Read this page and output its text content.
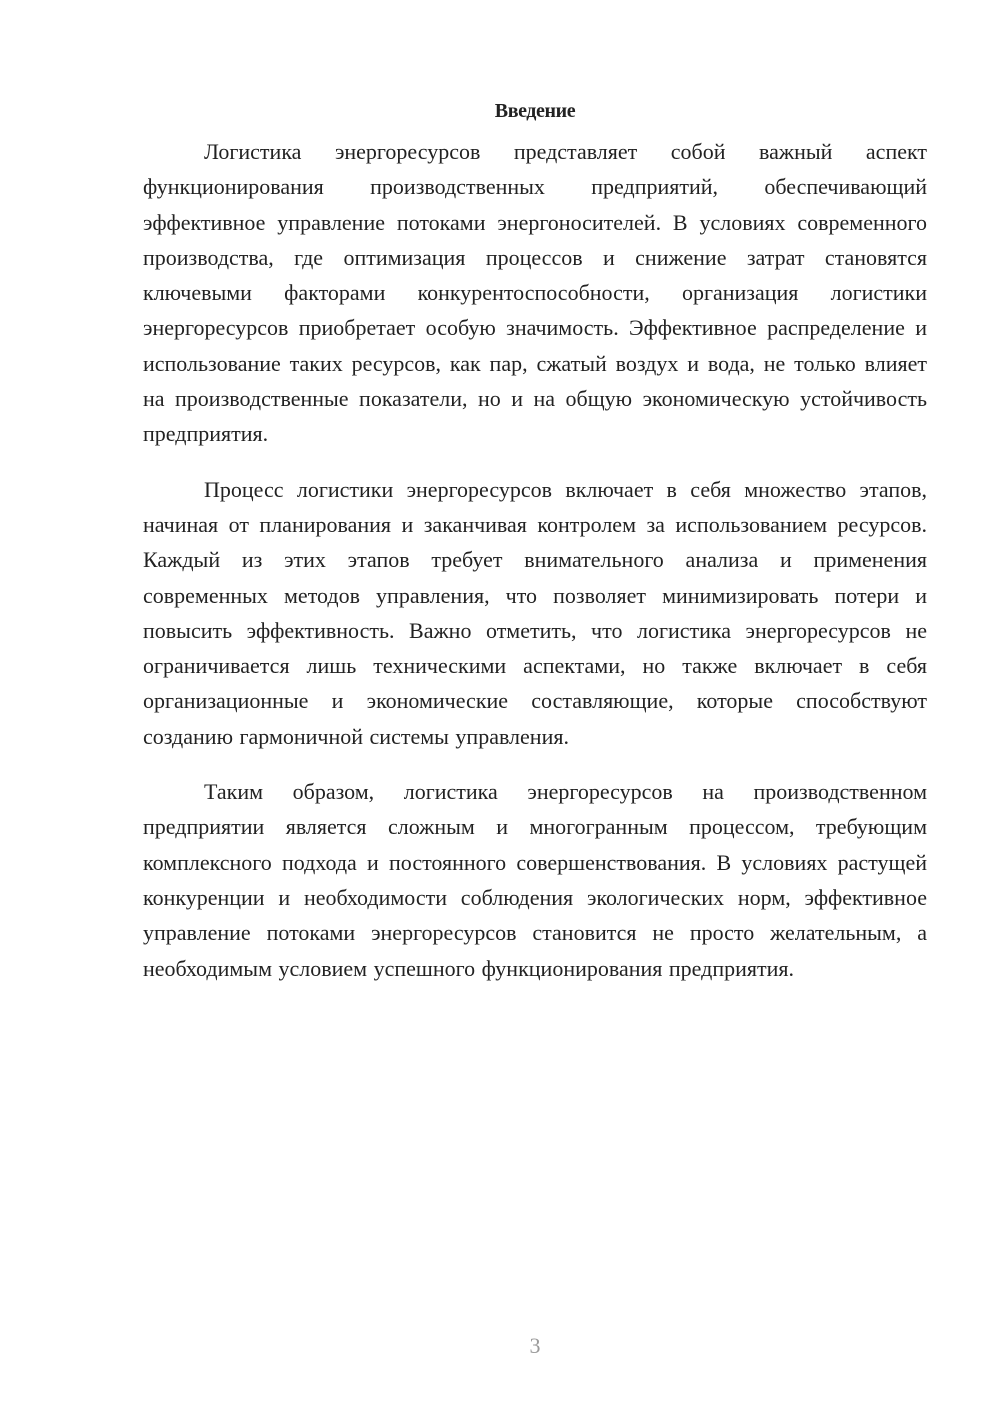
Введение

Логистика энергоресурсов представляет собой важный аспект функционирования производственных предприятий, обеспечивающий эффективное управление потоками энергоносителей. В условиях современного производства, где оптимизация процессов и снижение затрат становятся ключевыми факторами конкурентоспособности, организация логистики энергоресурсов приобретает особую значимость. Эффективное распределение и использование таких ресурсов, как пар, сжатый воздух и вода, не только влияет на производственные показатели, но и на общую экономическую устойчивость предприятия.

Процесс логистики энергоресурсов включает в себя множество этапов, начиная от планирования и заканчивая контролем за использованием ресурсов. Каждый из этих этапов требует внимательного анализа и применения современных методов управления, что позволяет минимизировать потери и повысить эффективность. Важно отметить, что логистика энергоресурсов не ограничивается лишь техническими аспектами, но также включает в себя организационные и экономические составляющие, которые способствуют созданию гармоничной системы управления.

Таким образом, логистика энергоресурсов на производственном предприятии является сложным и многогранным процессом, требующим комплексного подхода и постоянного совершенствования. В условиях растущей конкуренции и необходимости соблюдения экологических норм, эффективное управление потоками энергоресурсов становится не просто желательным, а необходимым условием успешного функционирования предприятия.

3
